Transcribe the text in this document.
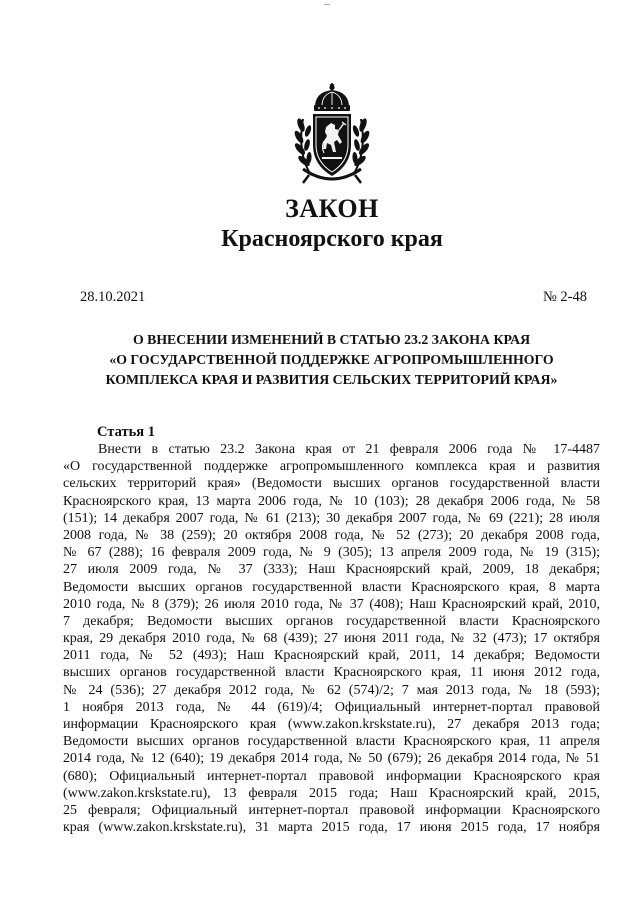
–
ЗАКОН
Красноярского края
28.10.2021	№ 2-48
О ВНЕСЕНИИ ИЗМЕНЕНИЙ В СТАТЬЮ 23.2 ЗАКОНА КРАЯ
«О ГОСУДАРСТВЕННОЙ ПОДДЕРЖКЕ АГРОПРОМЫШЛЕННОГО
КОМПЛЕКСА КРАЯ И РАЗВИТИЯ СЕЛЬСКИХ ТЕРРИТОРИЙ КРАЯ»
Статья 1
Внести в статью 23.2 Закона края от 21 февраля 2006 года № 17-4487
«О государственной поддержке агропромышленного комплекса края и развития
сельских территорий края» (Ведомости высших органов государственной власти
Красноярского края, 13 марта 2006 года, № 10 (103); 28 декабря 2006 года, № 58
(151); 14 декабря 2007 года, № 61 (213); 30 декабря 2007 года, № 69 (221); 28 июля
2008 года, № 38 (259); 20 октября 2008 года, № 52 (273); 20 декабря 2008 года,
№ 67 (288); 16 февраля 2009 года, № 9 (305); 13 апреля 2009 года, № 19 (315);
27 июля 2009 года, № 37 (333); Наш Красноярский край, 2009, 18 декабря;
Ведомости высших органов государственной власти Красноярского края, 8 марта
2010 года, № 8 (379); 26 июля 2010 года, № 37 (408); Наш Красноярский край, 2010,
7 декабря; Ведомости высших органов государственной власти Красноярского
края, 29 декабря 2010 года, № 68 (439); 27 июня 2011 года, № 32 (473); 17 октября
2011 года, № 52 (493); Наш Красноярский край, 2011, 14 декабря; Ведомости
высших органов государственной власти Красноярского края, 11 июня 2012 года,
№ 24 (536); 27 декабря 2012 года, № 62 (574)/2; 7 мая 2013 года, № 18 (593);
1 ноября 2013 года, № 44 (619)/4; Официальный интернет-портал правовой
информации Красноярского края (www.zakon.krskstate.ru), 27 декабря 2013 года;
Ведомости высших органов государственной власти Красноярского края, 11 апреля
2014 года, № 12 (640); 19 декабря 2014 года, № 50 (679); 26 декабря 2014 года, № 51
(680); Официальный интернет-портал правовой информации Красноярского края
(www.zakon.krskstate.ru), 13 февраля 2015 года; Наш Красноярский край, 2015,
25 февраля; Официальный интернет-портал правовой информации Красноярского
края (www.zakon.krskstate.ru), 31 марта 2015 года, 17 июня 2015 года, 17 ноября
